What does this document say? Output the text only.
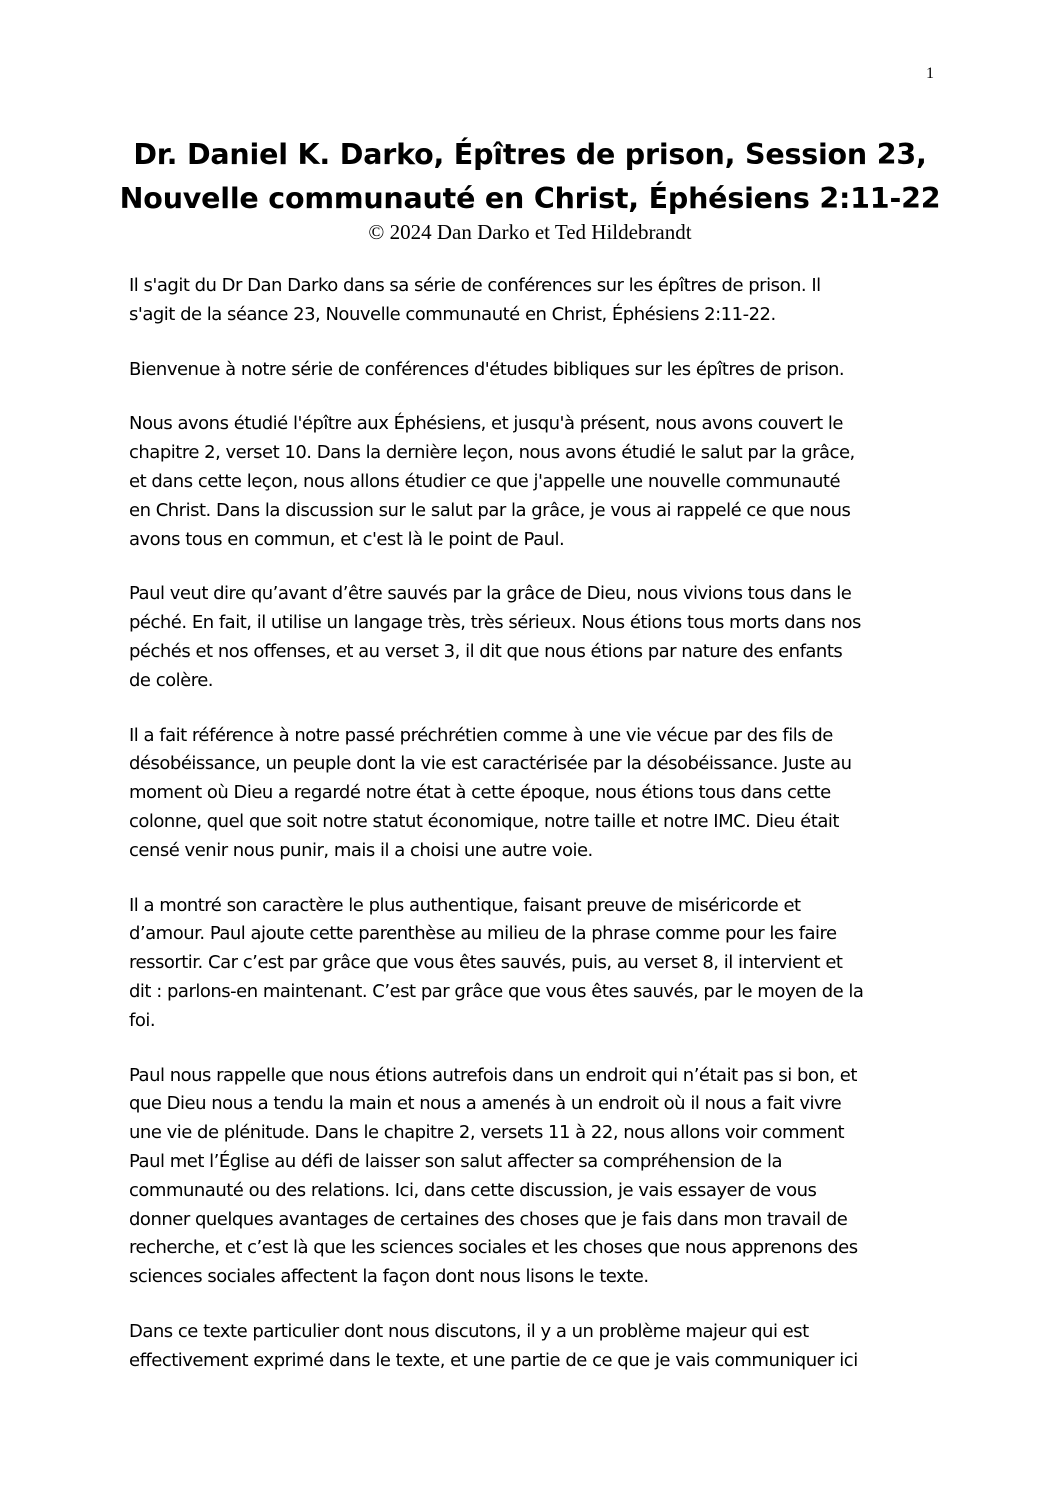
1
Dr. Daniel K. Darko, Épîtres de prison, Session 23,
Nouvelle communauté en Christ, Éphésiens 2:11-22
© 2024 Dan Darko et Ted Hildebrandt
Il s'agit du Dr Dan Darko dans sa série de conférences sur les épîtres de prison. Il
s'agit de la séance 23, Nouvelle communauté en Christ, Éphésiens 2:11-22.
Bienvenue à notre série de conférences d'études bibliques sur les épîtres de prison.
Nous avons étudié l'épître aux Éphésiens, et jusqu'à présent, nous avons couvert le
chapitre 2, verset 10. Dans la dernière leçon, nous avons étudié le salut par la grâce,
et dans cette leçon, nous allons étudier ce que j'appelle une nouvelle communauté
en Christ. Dans la discussion sur le salut par la grâce, je vous ai rappelé ce que nous
avons tous en commun, et c'est là le point de Paul.
Paul veut dire qu’avant d’être sauvés par la grâce de Dieu, nous vivions tous dans le
péché. En fait, il utilise un langage très, très sérieux. Nous étions tous morts dans nos
péchés et nos offenses, et au verset 3, il dit que nous étions par nature des enfants
de colère.
Il a fait référence à notre passé préchrétien comme à une vie vécue par des fils de
désobéissance, un peuple dont la vie est caractérisée par la désobéissance. Juste au
moment où Dieu a regardé notre état à cette époque, nous étions tous dans cette
colonne, quel que soit notre statut économique, notre taille et notre IMC. Dieu était
censé venir nous punir, mais il a choisi une autre voie.
Il a montré son caractère le plus authentique, faisant preuve de miséricorde et
d’amour. Paul ajoute cette parenthèse au milieu de la phrase comme pour les faire
ressortir. Car c’est par grâce que vous êtes sauvés, puis, au verset 8, il intervient et
dit : parlons-en maintenant. C’est par grâce que vous êtes sauvés, par le moyen de la
foi.
Paul nous rappelle que nous étions autrefois dans un endroit qui n’était pas si bon, et
que Dieu nous a tendu la main et nous a amenés à un endroit où il nous a fait vivre
une vie de plénitude. Dans le chapitre 2, versets 11 à 22, nous allons voir comment
Paul met l’Église au défi de laisser son salut affecter sa compréhension de la
communauté ou des relations. Ici, dans cette discussion, je vais essayer de vous
donner quelques avantages de certaines des choses que je fais dans mon travail de
recherche, et c’est là que les sciences sociales et les choses que nous apprenons des
sciences sociales affectent la façon dont nous lisons le texte.
Dans ce texte particulier dont nous discutons, il y a un problème majeur qui est
effectivement exprimé dans le texte, et une partie de ce que je vais communiquer ici
